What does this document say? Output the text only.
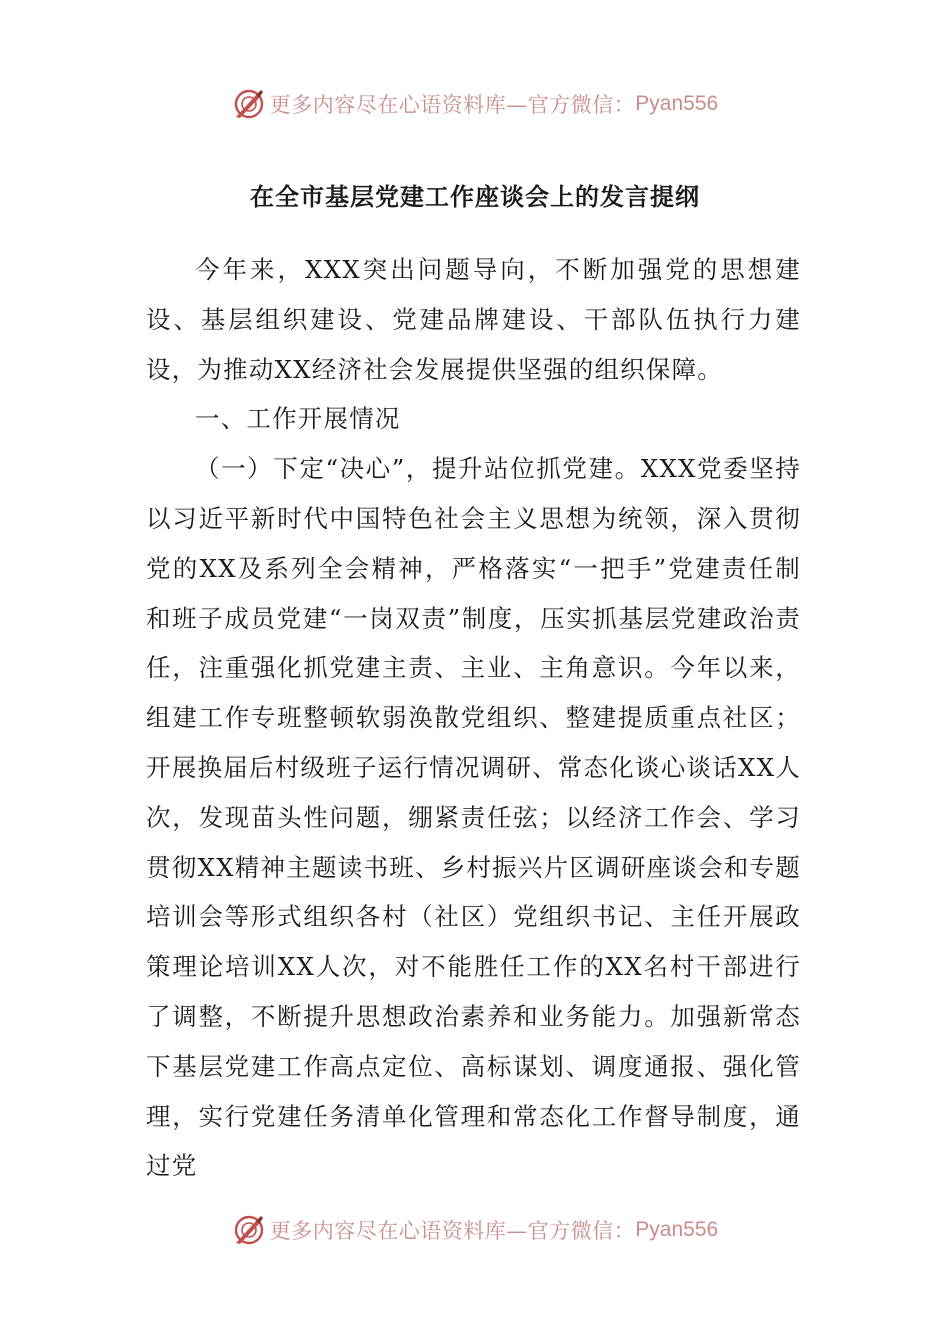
更多内容尽在心语资料库—官方微信： Pyan556
在全市基层党建工作座谈会上的发言提纲

今年来，XXX突出问题导向，不断加强党的思想建设、基层组织建设、党建品牌建设、干部队伍执行力建设，为推动XX经济社会发展提供坚强的组织保障。

一、工作开展情况

（一）下定“决心”，提升站位抓党建。XXX党委坚持以习近平新时代中国特色社会主义思想为统领，深入贯彻党的XX及系列全会精神，严格落实“一把手”党建责任制和班子成员党建“一岗双责”制度，压实抓基层党建政治责任，注重强化抓党建主责、主业、主角意识。今年以来，组建工作专班整顿软弱涣散党组织、整建提质重点社区；开展换届后村级班子运行情况调研、常态化谈心谈话XX人次，发现苗头性问题，绷紧责任弦；以经济工作会、学习贯彻XX精神主题读书班、乡村振兴片区调研座谈会和专题培训会等形式组织各村（社区）党组织书记、主任开展政策理论培训XX人次，对不能胜任工作的XX名村干部进行了调整，不断提升思想政治素养和业务能力。加强新常态下基层党建工作高点定位、高标谋划、调度通报、强化管理，实行党建任务清单化管理和常态化工作督导制度，通过党

更多内容尽在心语资料库—官方微信： Pyan556
